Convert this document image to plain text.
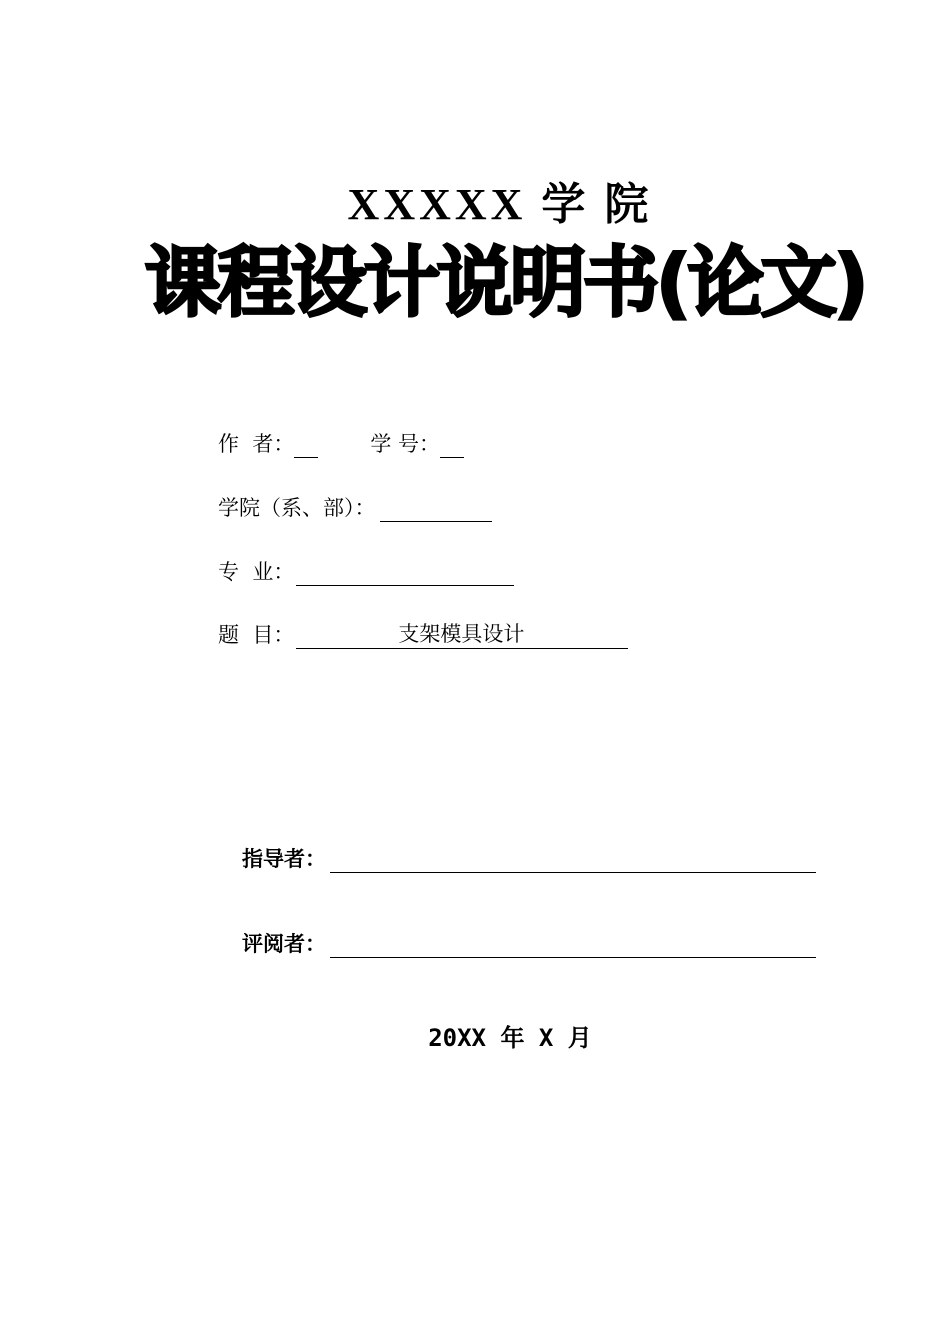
XXXXX 学 院
课程设计说明书(论文)
作  者：	学 号：
学院（系、部）：
专  业：
题  目：	支架模具设计
指导者：
评阅者：
20XX 年 X 月
